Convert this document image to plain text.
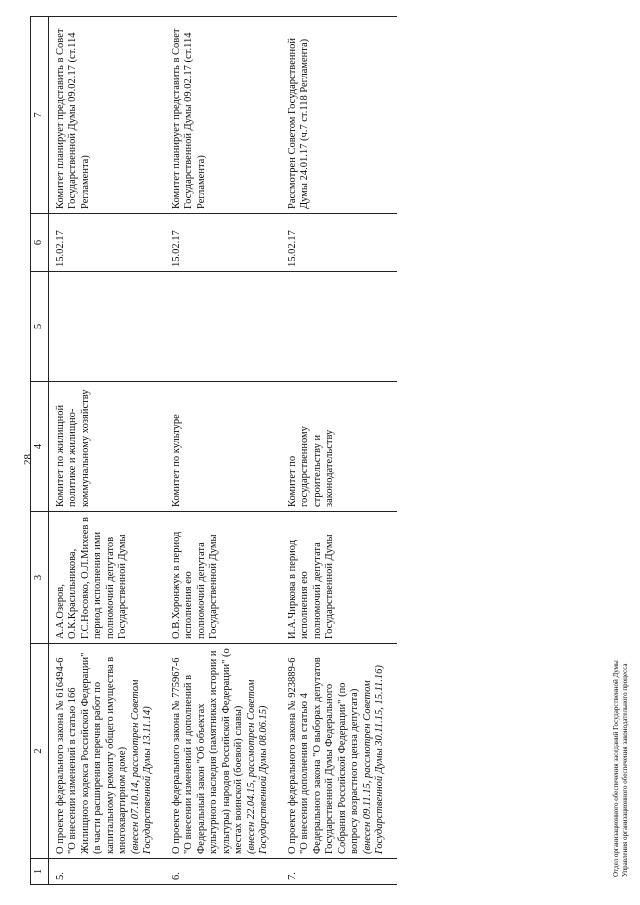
28
1	2	3	4	5	6	7
5.	О проекте федерального закона № 616494-6 "О внесении изменений в статью 166 Жилищного кодекса Российской Федерации" (в части расширения перечня работ по капитальному ремонту общего имущества в многоквартирном доме) (внесен 07.10.14, рассмотрен Советом Государственной Думы 13.11.14)	А.А.Озеров, О.К.Красильникова, Г.С.Носовко, О.Л.Михеев в период исполнения ими полномочий депутатов Государственной Думы	Комитет по жилищной политике и жилищно-коммунальному хозяйству		15.02.17	Комитет планирует представить в Совет Государственной Думы 09.02.17 (ст.114 Регламента)
6.	О проекте федерального закона № 775967-6 "О внесении изменений и дополнений в Федеральный закон "Об объектах культурного наследия (памятниках истории и культуры) народов Российской Федерации" (о местах воинской (боевой) славы) (внесен 22.04.15, рассмотрен Советом Государственной Думы 08.06.15)	О.В.Хоронжук в период исполнения ею полномочий депутата Государственной Думы	Комитет по культуре		15.02.17	Комитет планирует представить в Совет Государственной Думы 09.02.17 (ст.114 Регламента)
7.	О проекте федерального закона № 923889-6 "О внесении дополнения в статью 4 Федерального закона "О выборах депутатов Государственной Думы Федерального Собрания Российской Федерации" (по вопросу возрастного ценза депутата) (внесен 09.11.15, рассмотрен Советом Государственной Думы 30.11.15, 15.11.16)	И.А.Чиркова в период исполнения ею полномочий депутата Государственной Думы	Комитет по государственному строительству и законодательству		15.02.17	Рассмотрен Советом Государственной Думы 24.01.17 (ч.7 ст.118 Регламента)
Отдел организационного обеспечения заседаний Государственной Думы Управления организационного обеспечения законодательного процесса
